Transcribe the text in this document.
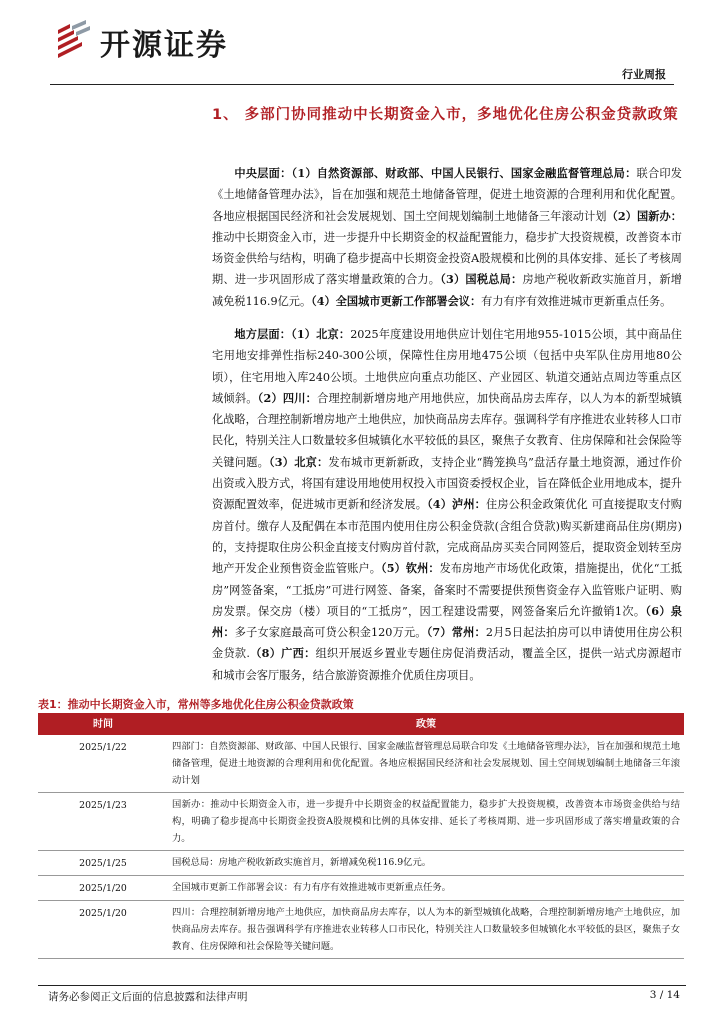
开源证券
行业周报
1、 多部门协同推动中长期资金入市，多地优化住房公积金贷款政策
中央层面：（1）自然资源部、财政部、中国人民银行、国家金融监督管理总局：联合印发《土地储备管理办法》，旨在加强和规范土地储备管理，促进土地资源的合理利用和优化配置。各地应根据国民经济和社会发展规划、国土空间规划编制土地储备三年滚动计划（2）国新办：推动中长期资金入市，进一步提升中长期资金的权益配置能力，稳步扩大投资规模，改善资本市场资金供给与结构，明确了稳步提高中长期资金投资A股规模和比例的具体安排、延长了考核周期、进一步巩固形成了落实增量政策的合力。（3）国税总局：房地产税收新政实施首月，新增减免税116.9亿元。（4）全国城市更新工作部署会议：有力有序有效推进城市更新重点任务。
地方层面：（1）北京：2025年度建设用地供应计划住宅用地955-1015公顷，其中商品住宅用地安排弹性指标240-300公顷，保障性住房用地475公顷（包括中央军队住房用地80公顷），住宅用地入库240公顷。土地供应向重点功能区、产业园区、轨道交通站点周边等重点区域倾斜。（2）四川：合理控制新增房地产用地供应，加快商品房去库存，以人为本的新型城镇化战略，合理控制新增房地产土地供应，加快商品房去库存。强调科学有序推进农业转移人口市民化，特别关注人口数量较多但城镇化水平较低的县区，聚焦子女教育、住房保障和社会保险等关键问题。（3）北京：发布城市更新新政，支持企业“腾笼换鸟”盘活存量土地资源，通过作价出资或入股方式，将国有建设用地使用权投入市国资委授权企业，旨在降低企业用地成本，提升资源配置效率，促进城市更新和经济发展。（4）泸州：住房公积金政策优化 可直接提取支付购房首付。缴存人及配偶在本市范围内使用住房公积金贷款(含组合贷款)购买新建商品住房(期房)的，支持提取住房公积金直接支付购房首付款，完成商品房买卖合同网签后，提取资金划转至房地产开发企业预售资金监管账户。（5）钦州：发布房地产市场优化政策，措施提出，优化“工抵房”网签备案，“工抵房”可进行网签、备案，备案时不需要提供预售资金存入监管账户证明、购房发票。保交房（楼）项目的“工抵房”，因工程建设需要，网签备案后允许撤销1次。（6）泉州：多子女家庭最高可贷公积金120万元。（7）常州：2月5日起法拍房可以申请使用住房公积金贷款.（8）广西：组织开展返乡置业专题住房促消费活动，覆盖全区，提供一站式房源超市和城市会客厅服务，结合旅游资源推介优质住房项目。
表1：推动中长期资金入市，常州等多地优化住房公积金贷款政策
时间	政策
2025/1/22	四部门：自然资源部、财政部、中国人民银行、国家金融监督管理总局联合印发《土地储备管理办法》，旨在加强和规范土地储备管理，促进土地资源的合理利用和优化配置。各地应根据国民经济和社会发展规划、国土空间规划编制土地储备三年滚动计划
2025/1/23	国新办：推动中长期资金入市，进一步提升中长期资金的权益配置能力，稳步扩大投资规模，改善资本市场资金供给与结构，明确了稳步提高中长期资金投资A股规模和比例的具体安排、延长了考核周期、进一步巩固形成了落实增量政策的合力。
2025/1/25	国税总局：房地产税收新政实施首月，新增减免税116.9亿元。
2025/1/20	全国城市更新工作部署会议：有力有序有效推进城市更新重点任务。
2025/1/20	四川：合理控制新增房地产土地供应，加快商品房去库存，以人为本的新型城镇化战略，合理控制新增房地产土地供应，加快商品房去库存。报告强调科学有序推进农业转移人口市民化，特别关注人口数量较多但城镇化水平较低的县区，聚焦子女教育、住房保障和社会保险等关键问题。
请务必参阅正文后面的信息披露和法律声明	3 / 14
